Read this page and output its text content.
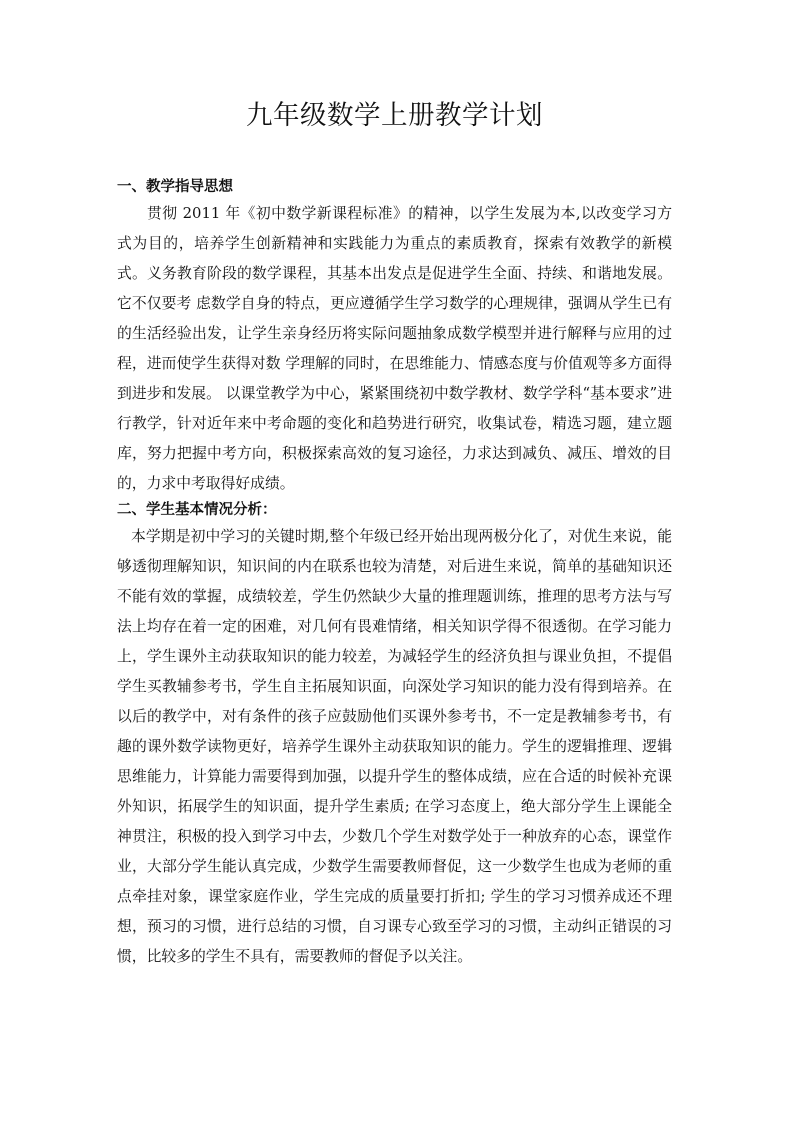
九年级数学上册教学计划
一、教学指导思想

贯彻 2011 年《初中数学新课程标准》的精神，以学生发展为本,以改变学习方式为目的，培养学生创新精神和实践能力为重点的素质教育，探索有效教学的新模式。义务教育阶段的数学课程，其基本出发点是促进学生全面、持续、和谐地发展。它不仅要考 虑数学自身的特点，更应遵循学生学习数学的心理规律，强调从学生已有的生活经验出发，让学生亲身经历将实际问题抽象成数学模型并进行解释与应用的过程，进而使学生获得对数 学理解的同时，在思维能力、情感态度与价值观等多方面得到进步和发展。 以课堂教学为中心，紧紧围绕初中数学教材、数学学科“基本要求”进行教学，针对近年来中考命题的变化和趋势进行研究，收集试卷，精选习题，建立题库，努力把握中考方向，积极探索高效的复习途径，力求达到减负、减压、增效的目的，力求中考取得好成绩。

二、学生基本情况分析：

本学期是初中学习的关键时期,整个年级已经开始出现两极分化了，对优生来说，能够透彻理解知识，知识间的内在联系也较为清楚，对后进生来说，简单的基础知识还不能有效的掌握，成绩较差，学生仍然缺少大量的推理题训练，推理的思考方法与写法上均存在着一定的困难，对几何有畏难情绪，相关知识学得不很透彻。在学习能力上，学生课外主动获取知识的能力较差，为减轻学生的经济负担与课业负担，不提倡学生买教辅参考书，学生自主拓展知识面，向深处学习知识的能力没有得到培养。在以后的教学中，对有条件的孩子应鼓励他们买课外参考书，不一定是教辅参考书，有趣的课外数学读物更好，培养学生课外主动获取知识的能力。学生的逻辑推理、逻辑思维能力，计算能力需要得到加强，以提升学生的整体成绩，应在合适的时候补充课外知识，拓展学生的知识面，提升学生素质; 在学习态度上，绝大部分学生上课能全神贯注，积极的投入到学习中去，少数几个学生对数学处于一种放弃的心态，课堂作业，大部分学生能认真完成，少数学生需要教师督促，这一少数学生也成为老师的重点牵挂对象，课堂家庭作业，学生完成的质量要打折扣; 学生的学习习惯养成还不理想，预习的习惯，进行总结的习惯，自习课专心致至学习的习惯，主动纠正错误的习惯，比较多的学生不具有，需要教师的督促予以关注。
